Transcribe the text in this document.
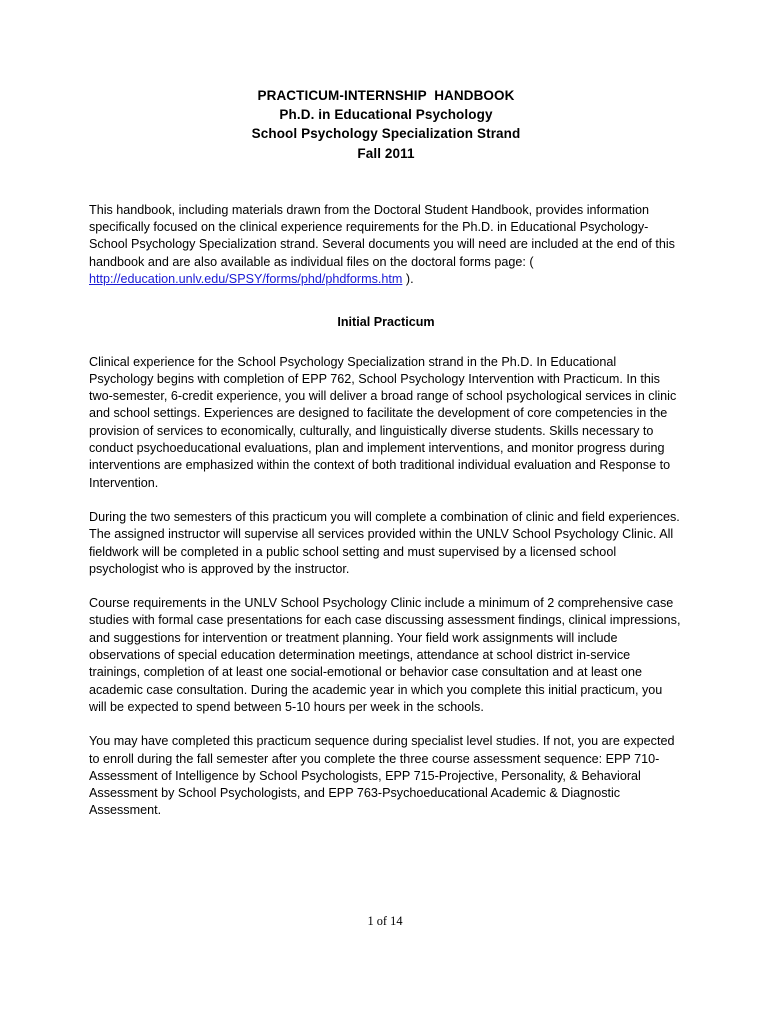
PRACTICUM-INTERNSHIP  HANDBOOK
Ph.D. in Educational Psychology
School Psychology Specialization Strand
Fall 2011

This handbook, including materials drawn from the Doctoral Student Handbook, provides information specifically focused on the clinical experience requirements for the Ph.D. in Educational Psychology-School Psychology Specialization strand. Several documents you will need are included at the end of this handbook and are also available as individual files on the doctoral forms page: ( http://education.unlv.edu/SPSY/forms/phd/phdforms.htm ).

Initial Practicum

Clinical experience for the School Psychology Specialization strand in the Ph.D. In Educational Psychology begins with completion of EPP 762, School Psychology Intervention with Practicum. In this two-semester, 6-credit experience, you will deliver a broad range of school psychological services in clinic and school settings. Experiences are designed to facilitate the development of core competencies in the provision of services to economically, culturally, and linguistically diverse students. Skills necessary to conduct psychoeducational evaluations, plan and implement interventions, and monitor progress during interventions are emphasized within the context of both traditional individual evaluation and Response to Intervention.

During the two semesters of this practicum you will complete a combination of clinic and field experiences. The assigned instructor will supervise all services provided within the UNLV School Psychology Clinic. All fieldwork will be completed in a public school setting and must supervised by a licensed school psychologist who is approved by the instructor.

Course requirements in the UNLV School Psychology Clinic include a minimum of 2 comprehensive case studies with formal case presentations for each case discussing assessment findings, clinical impressions, and suggestions for intervention or treatment planning. Your field work assignments will include observations of special education determination meetings, attendance at school district in-service trainings, completion of at least one social-emotional or behavior case consultation and at least one academic case consultation. During the academic year in which you complete this initial practicum, you will be expected to spend between 5-10 hours per week in the schools.

You may have completed this practicum sequence during specialist level studies. If not, you are expected to enroll during the fall semester after you complete the three course assessment sequence: EPP 710-Assessment of Intelligence by School Psychologists, EPP 715-Projective, Personality, & Behavioral Assessment by School Psychologists, and EPP 763-Psychoeducational Academic & Diagnostic Assessment.

1 of 14
